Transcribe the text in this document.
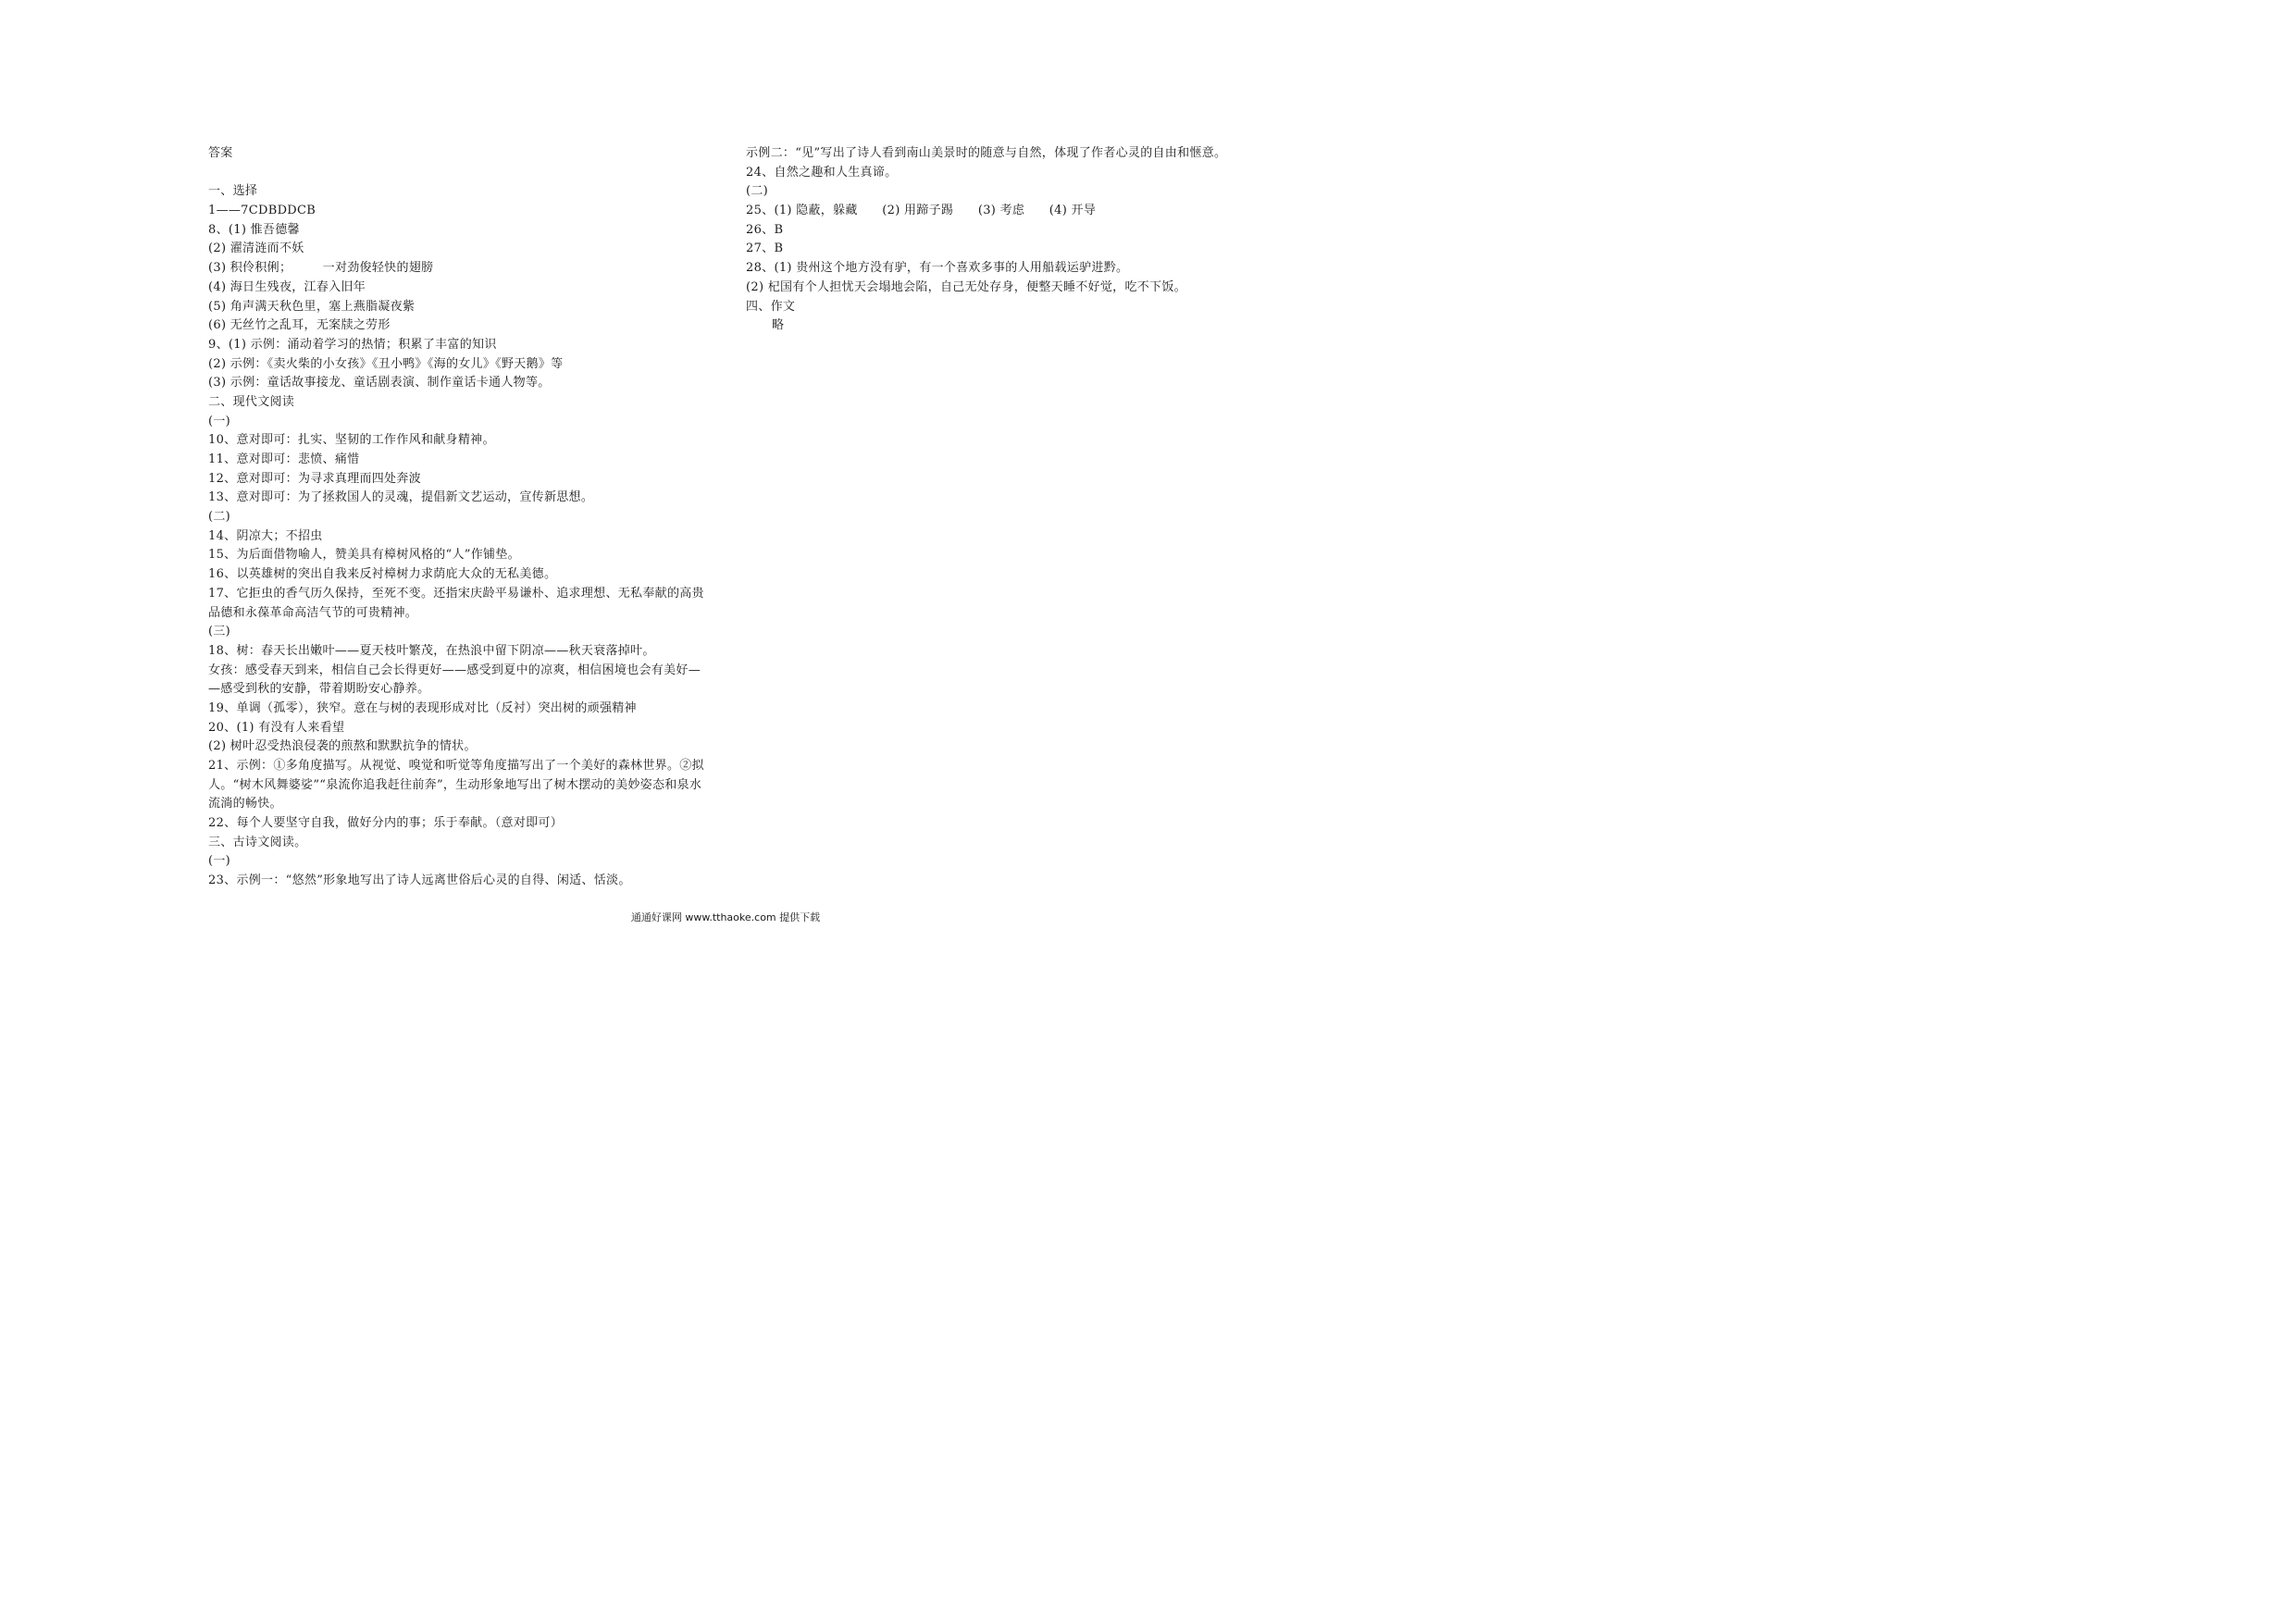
答案
一、选择
1——7CDBDDCB
8、(1) 惟吾德馨
(2) 濯清涟而不妖
(3) 积伶积俐；　　　一对劲俊轻快的翅膀
(4) 海日生残夜，江春入旧年
(5) 角声满天秋色里，塞上燕脂凝夜紫
(6) 无丝竹之乱耳，无案牍之劳形
9、(1) 示例：涌动着学习的热情；积累了丰富的知识
(2) 示例：《卖火柴的小女孩》《丑小鸭》《海的女儿》《野天鹅》等
(3) 示例：童话故事接龙、童话剧表演、制作童话卡通人物等。
二、现代文阅读
(一)
10、意对即可：扎实、坚韧的工作作风和献身精神。
11、意对即可：悲愤、痛惜
12、意对即可：为寻求真理而四处奔波
13、意对即可：为了拯救国人的灵魂，提倡新文艺运动，宣传新思想。
(二)
14、阴凉大；不招虫
15、为后面借物喻人，赞美具有樟树风格的“人”作铺垫。
16、以英雄树的突出自我来反衬樟树力求荫庇大众的无私美德。
17、它拒虫的香气历久保持，至死不变。还指宋庆龄平易谦朴、追求理想、无私奉献的高贵
品德和永葆革命高洁气节的可贵精神。
(三)
18、树：春天长出嫩叶——夏天枝叶繁茂，在热浪中留下阴凉——秋天衰落掉叶。
女孩：感受春天到来，相信自己会长得更好——感受到夏中的凉爽，相信困境也会有美好—
—感受到秋的安静，带着期盼安心静养。
19、单调（孤零），狭窄。意在与树的表现形成对比（反衬）突出树的顽强精神
20、(1) 有没有人来看望
(2) 树叶忍受热浪侵袭的煎熬和默默抗争的情状。
21、示例：①多角度描写。从视觉、嗅觉和听觉等角度描写出了一个美好的森林世界。②拟
人。“树木风舞婆娑”“泉流你追我赶往前奔”，生动形象地写出了树木摆动的美妙姿态和泉水
流淌的畅快。
22、每个人要坚守自我，做好分内的事；乐于奉献。（意对即可）
三、古诗文阅读。
(一)
23、示例一：“悠然”形象地写出了诗人远离世俗后心灵的自得、闲适、恬淡。
示例二：“见”写出了诗人看到南山美景时的随意与自然，体现了作者心灵的自由和惬意。
24、自然之趣和人生真谛。
(二)
25、(1) 隐蔽，躲藏　　(2) 用蹄子踢　　(3) 考虑　　(4) 开导
26、B
27、B
28、(1) 贵州这个地方没有驴，有一个喜欢多事的人用船载运驴进黔。
(2) 杞国有个人担忧天会塌地会陷，自己无处存身，便整天睡不好觉，吃不下饭。
四、作文
略
通通好课网 www.tthaoke.com 提供下载
